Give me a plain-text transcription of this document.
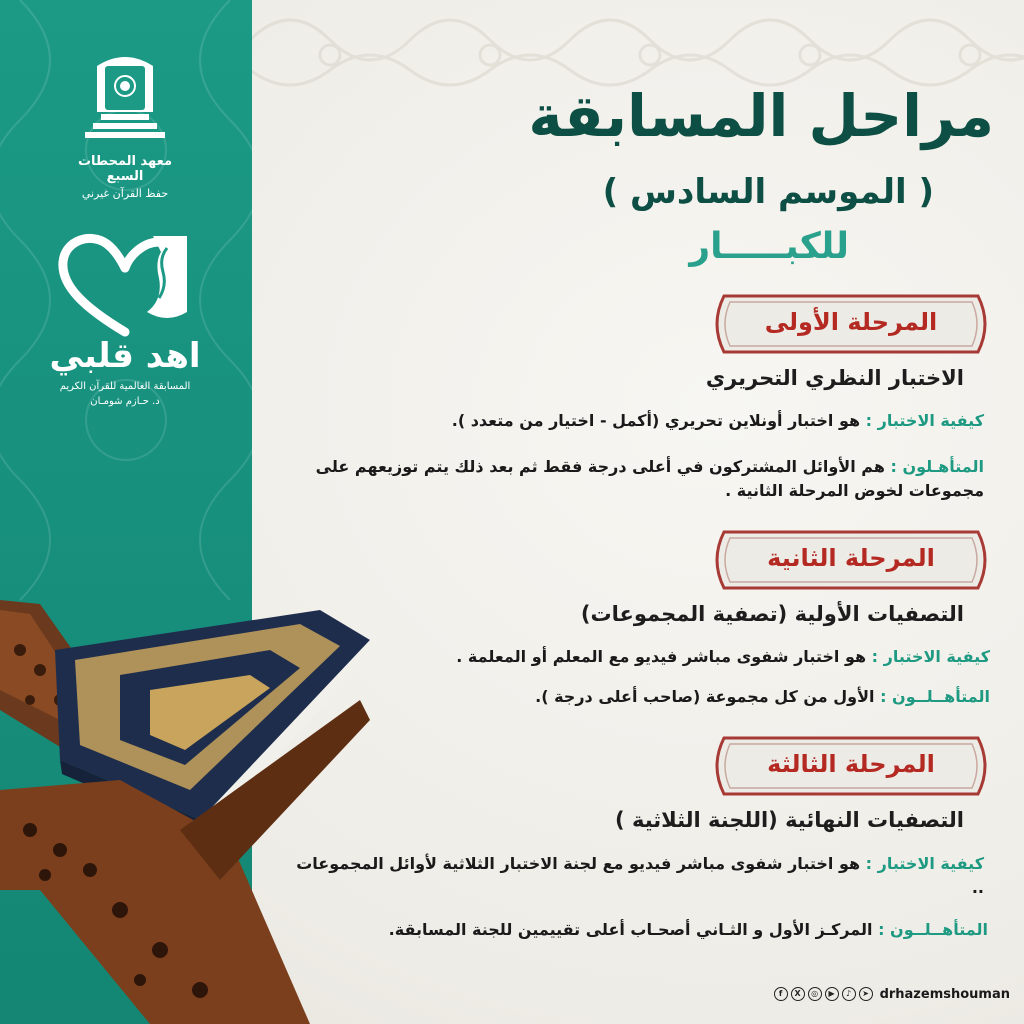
معهد المحطات السبع
حفظ القرآن غيرني
اهد قلبي
المسابقة العالمية للقرآن الكريم
د. حـازم شومـان
مراحل المسابقة
( الموسم السادس )
للكبـــــار
المرحلة الأولى
الاختبار النظري التحريري
كيفية الاختبار : هو اختبار أونلاين تحريري (أكمل - اختيار من متعدد ).
المتأهـلون : هم الأوائل المشتركون في أعلى درجة فقط ثم بعد ذلك يتم توزيعهم على مجموعات لخوض المرحلة الثانية .
المرحلة الثانية
التصفيات الأولية (تصفية المجموعات)
كيفية الاختبار : هو اختبار شفوى مباشر فيديو مع المعلم أو المعلمة .
المتأهــلــون : الأول من كل مجموعة (صاحب أعلى درجة ).
المرحلة الثالثة
التصفيات النهائية (اللجنة الثلاثية )
كيفية الاختبار : هو اختبار شفوى مباشر فيديو مع لجنة الاختبار الثلاثية لأوائل المجموعات ..
المتأهــلــون : المركـز الأول و الثـاني أصحـاب أعلى تقييمين للجنة المسابقة.
f	X	◎	▶	♪	➤ drhazemshouman
